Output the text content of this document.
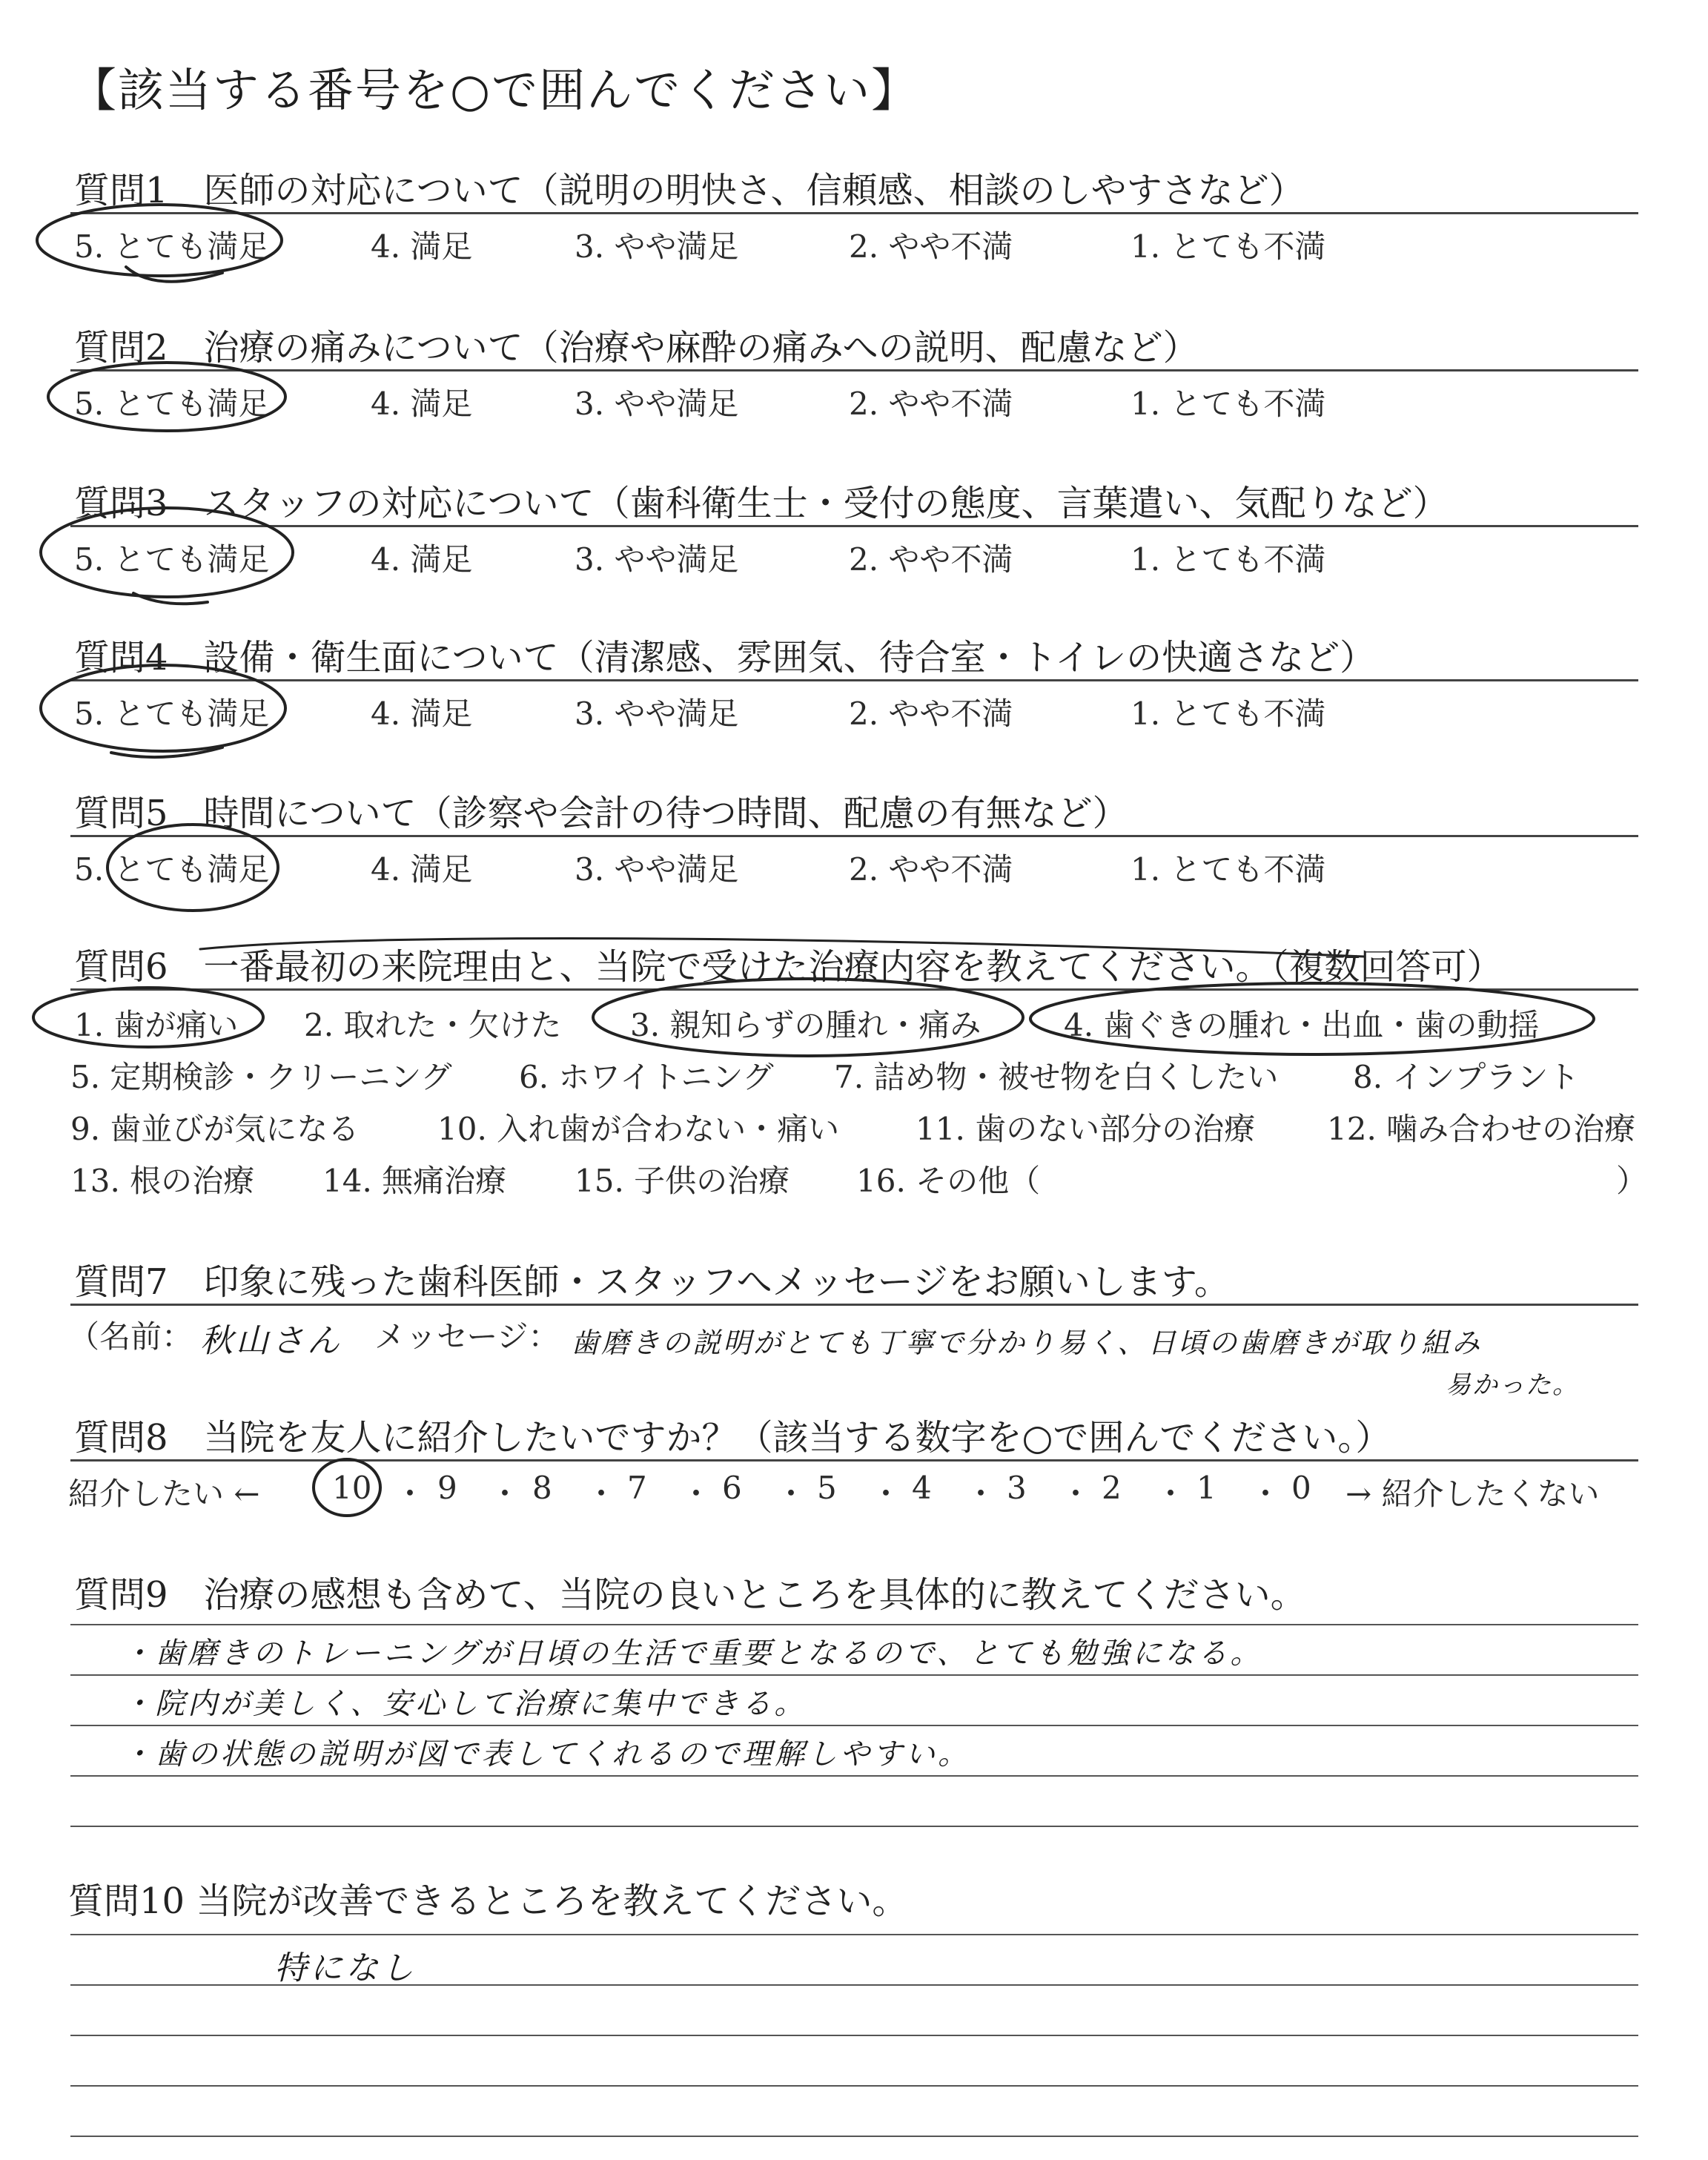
【該当する番号を○で囲んでください】
質問1　医師の対応について（説明の明快さ、信頼感、相談のしやすさなど）
5. とても満足	4. 満足	3. やや満足	2. やや不満	1. とても不満
質問2　治療の痛みについて（治療や麻酔の痛みへの説明、配慮など）
5. とても満足	4. 満足	3. やや満足	2. やや不満	1. とても不満
質問3　スタッフの対応について（歯科衛生士・受付の態度、言葉遣い、気配りなど）
5. とても満足	4. 満足	3. やや満足	2. やや不満	1. とても不満
質問4　設備・衛生面について（清潔感、雰囲気、待合室・トイレの快適さなど）
5. とても満足	4. 満足	3. やや満足	2. やや不満	1. とても不満
質問5　時間について（診察や会計の待つ時間、配慮の有無など）
5. とても満足	4. 満足	3. やや満足	2. やや不満	1. とても不満
質問6　一番最初の来院理由と、当院で受けた治療内容を教えてください。（複数回答可）
1. 歯が痛い 2. 取れた・欠けた 3. 親知らずの腫れ・痛み	4. 歯ぐきの腫れ・出血・歯の動揺
5. 定期検診・クリーニング 6. ホワイトニング 7. 詰め物・被せ物を白くしたい 8. インプラント
9. 歯並びが気になる	10. 入れ歯が合わない・痛い 11. 歯のない部分の治療 12. 噛み合わせの治療
13. 根の治療 14. 無痛治療 15. 子供の治療 16. その他（	）
質問7　印象に残った歯科医師・スタッフへメッセージをお願いします。
（名前： 秋山さん メッセージ： 歯磨きの説明がとても丁寧で分かり易く、日頃の歯磨きが取り組み
易かった。
質問8　当院を友人に紹介したいですか？（該当する数字を○で囲んでください。）
紹介したい ← 10 ・ 9 ・ 8 ・ 7 ・ 6 ・ 5 ・ 4 ・ 3 ・ 2 ・ 1 ・ 0 → 紹介したくない
質問9　治療の感想も含めて、当院の良いところを具体的に教えてください。
・歯磨きのトレーニングが日頃の生活で重要となるので、とても勉強になる。
・院内が美しく、安心して治療に集中できる。
・歯の状態の説明が図で表してくれるので理解しやすい。
質問10 当院が改善できるところを教えてください。
特になし
